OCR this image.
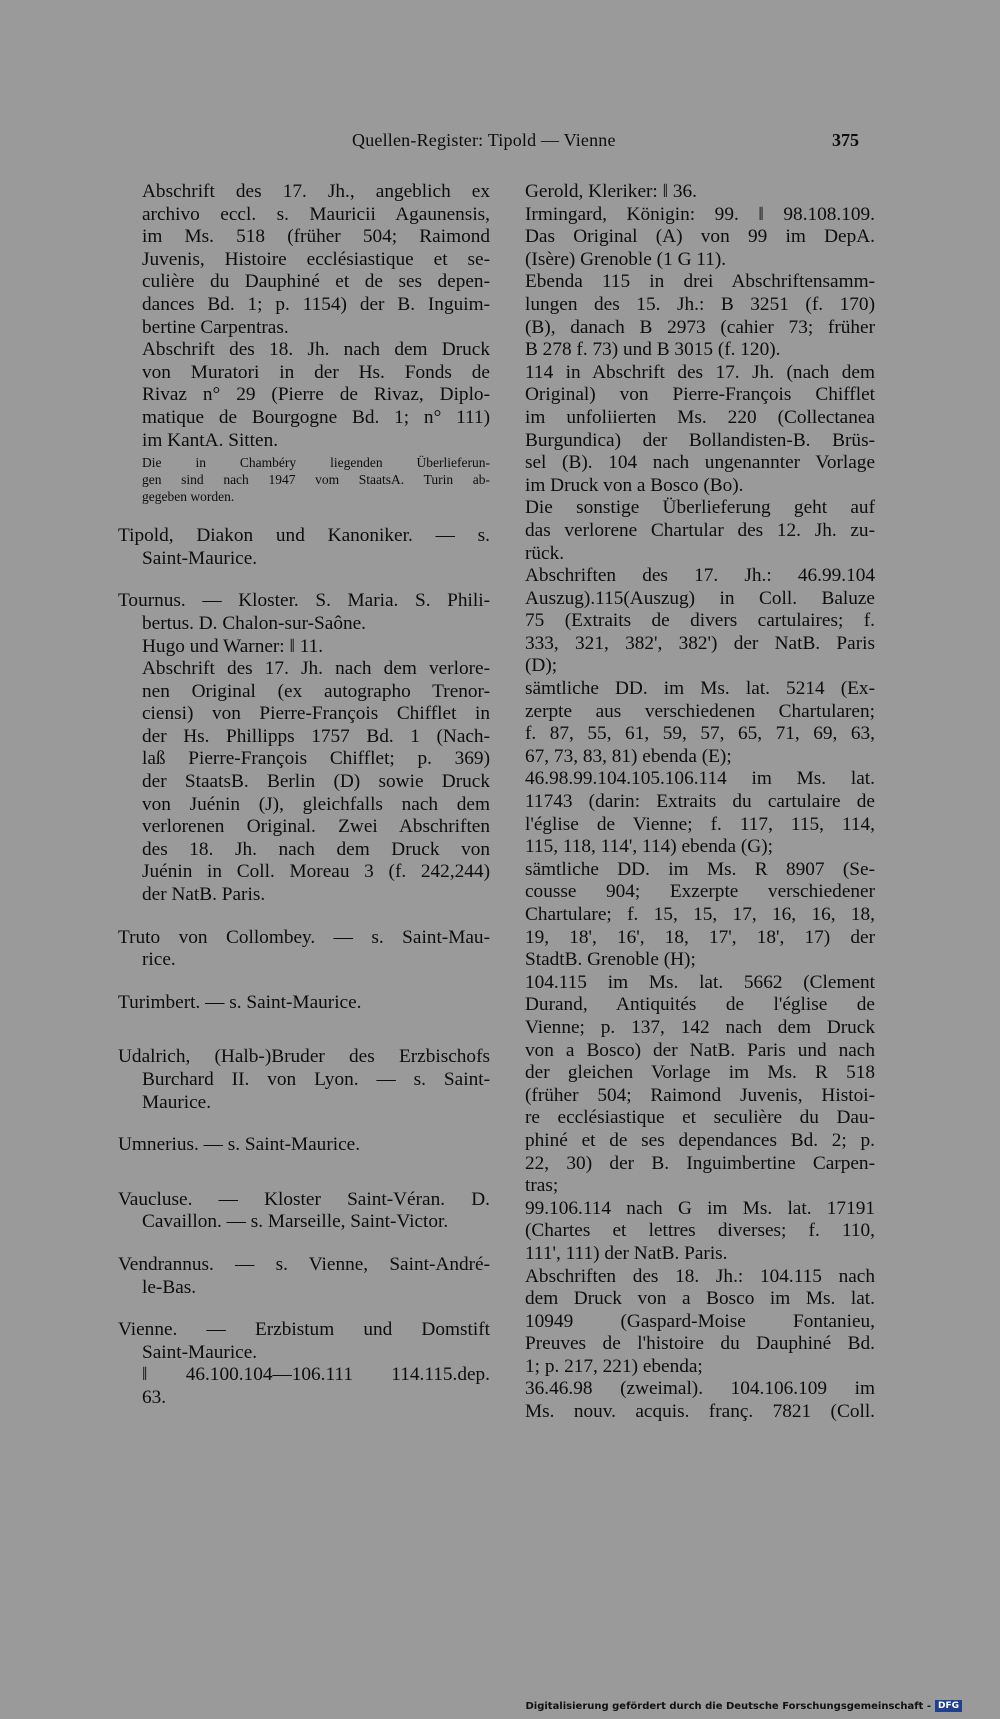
Quellen-Register: Tipold — Vienne	375
Abschrift des 17. Jh., angeblich ex
archivo eccl. s. Mauricii Agaunensis,
im Ms. 518 (früher 504; Raimond
Juvenis, Histoire ecclésiastique et se-
culière du Dauphiné et de ses depen-
dances Bd. 1; p. 1154) der B. Inguim-
bertine Carpentras.
Abschrift des 18. Jh. nach dem Druck
von Muratori in der Hs. Fonds de
Rivaz n° 29 (Pierre de Rivaz, Diplo-
matique de Bourgogne Bd. 1; n° 111)
im KantA. Sitten.
Die in Chambéry liegenden Überlieferun-
gen sind nach 1947 vom StaatsA. Turin ab-
gegeben worden.
Tipold, Diakon und Kanoniker. — s.
Saint-Maurice.
Tournus. — Kloster. S. Maria. S. Phili-
bertus. D. Chalon-sur-Saône.
Hugo und Warner: ‖ 11.
Abschrift des 17. Jh. nach dem verlore-
nen Original (ex autographo Trenor-
ciensi) von Pierre-François Chifflet in
der Hs. Phillipps 1757 Bd. 1 (Nach-
laß Pierre-François Chifflet; p. 369)
der StaatsB. Berlin (D) sowie Druck
von Juénin (J), gleichfalls nach dem
verlorenen Original. Zwei Abschriften
des 18. Jh. nach dem Druck von
Juénin in Coll. Moreau 3 (f. 242,244)
der NatB. Paris.
Truto von Collombey. — s. Saint-Mau-
rice.
Turimbert. — s. Saint-Maurice.
Udalrich, (Halb-)Bruder des Erzbischofs
Burchard II. von Lyon. — s. Saint-
Maurice.
Umnerius. — s. Saint-Maurice.
Vaucluse. — Kloster Saint-Véran. D.
Cavaillon. — s. Marseille, Saint-Victor.
Vendrannus. — s. Vienne, Saint-André-
le-Bas.
Vienne. — Erzbistum und Domstift
Saint-Maurice.
‖ 46.100.104—106.111 114.115.dep.
63.
Gerold, Kleriker: ‖ 36.
Irmingard, Königin: 99. ‖ 98.108.109.
Das Original (A) von 99 im DepA.
(Isère) Grenoble (1 G 11).
Ebenda 115 in drei Abschriftensamm-
lungen des 15. Jh.: B 3251 (f. 170)
(B), danach B 2973 (cahier 73; früher
B 278 f. 73) und B 3015 (f. 120).
114 in Abschrift des 17. Jh. (nach dem
Original) von Pierre-François Chifflet
im unfoliierten Ms. 220 (Collectanea
Burgundica) der Bollandisten-B. Brüs-
sel (B). 104 nach ungenannter Vorlage
im Druck von a Bosco (Bo).
Die sonstige Überlieferung geht auf
das verlorene Chartular des 12. Jh. zu-
rück.
Abschriften des 17. Jh.: 46.99.104
Auszug).115(Auszug) in Coll. Baluze
75 (Extraits de divers cartulaires; f.
333, 321, 382', 382') der NatB. Paris
(D);
sämtliche DD. im Ms. lat. 5214 (Ex-
zerpte aus verschiedenen Chartularen;
f. 87, 55, 61, 59, 57, 65, 71, 69, 63,
67, 73, 83, 81) ebenda (E);
46.98.99.104.105.106.114 im Ms. lat.
11743 (darin: Extraits du cartulaire de
l'église de Vienne; f. 117, 115, 114,
115, 118, 114', 114) ebenda (G);
sämtliche DD. im Ms. R 8907 (Se-
cousse 904; Exzerpte verschiedener
Chartulare; f. 15, 15, 17, 16, 16, 18,
19, 18', 16', 18, 17', 18', 17) der
StadtB. Grenoble (H);
104.115 im Ms. lat. 5662 (Clement
Durand, Antiquités de l'église de
Vienne; p. 137, 142 nach dem Druck
von a Bosco) der NatB. Paris und nach
der gleichen Vorlage im Ms. R 518
(früher 504; Raimond Juvenis, Histoi-
re ecclésiastique et seculière du Dau-
phiné et de ses dependances Bd. 2; p.
22, 30) der B. Inguimbertine Carpen-
tras;
99.106.114 nach G im Ms. lat. 17191
(Chartes et lettres diverses; f. 110,
111', 111) der NatB. Paris.
Abschriften des 18. Jh.: 104.115 nach
dem Druck von a Bosco im Ms. lat.
10949 (Gaspard-Moise Fontanieu,
Preuves de l'histoire du Dauphiné Bd.
1; p. 217, 221) ebenda;
36.46.98 (zweimal). 104.106.109 im
Ms. nouv. acquis. franç. 7821 (Coll.
Digitalisierung gefördert durch die Deutsche Forschungsgemeinschaft - DFG
